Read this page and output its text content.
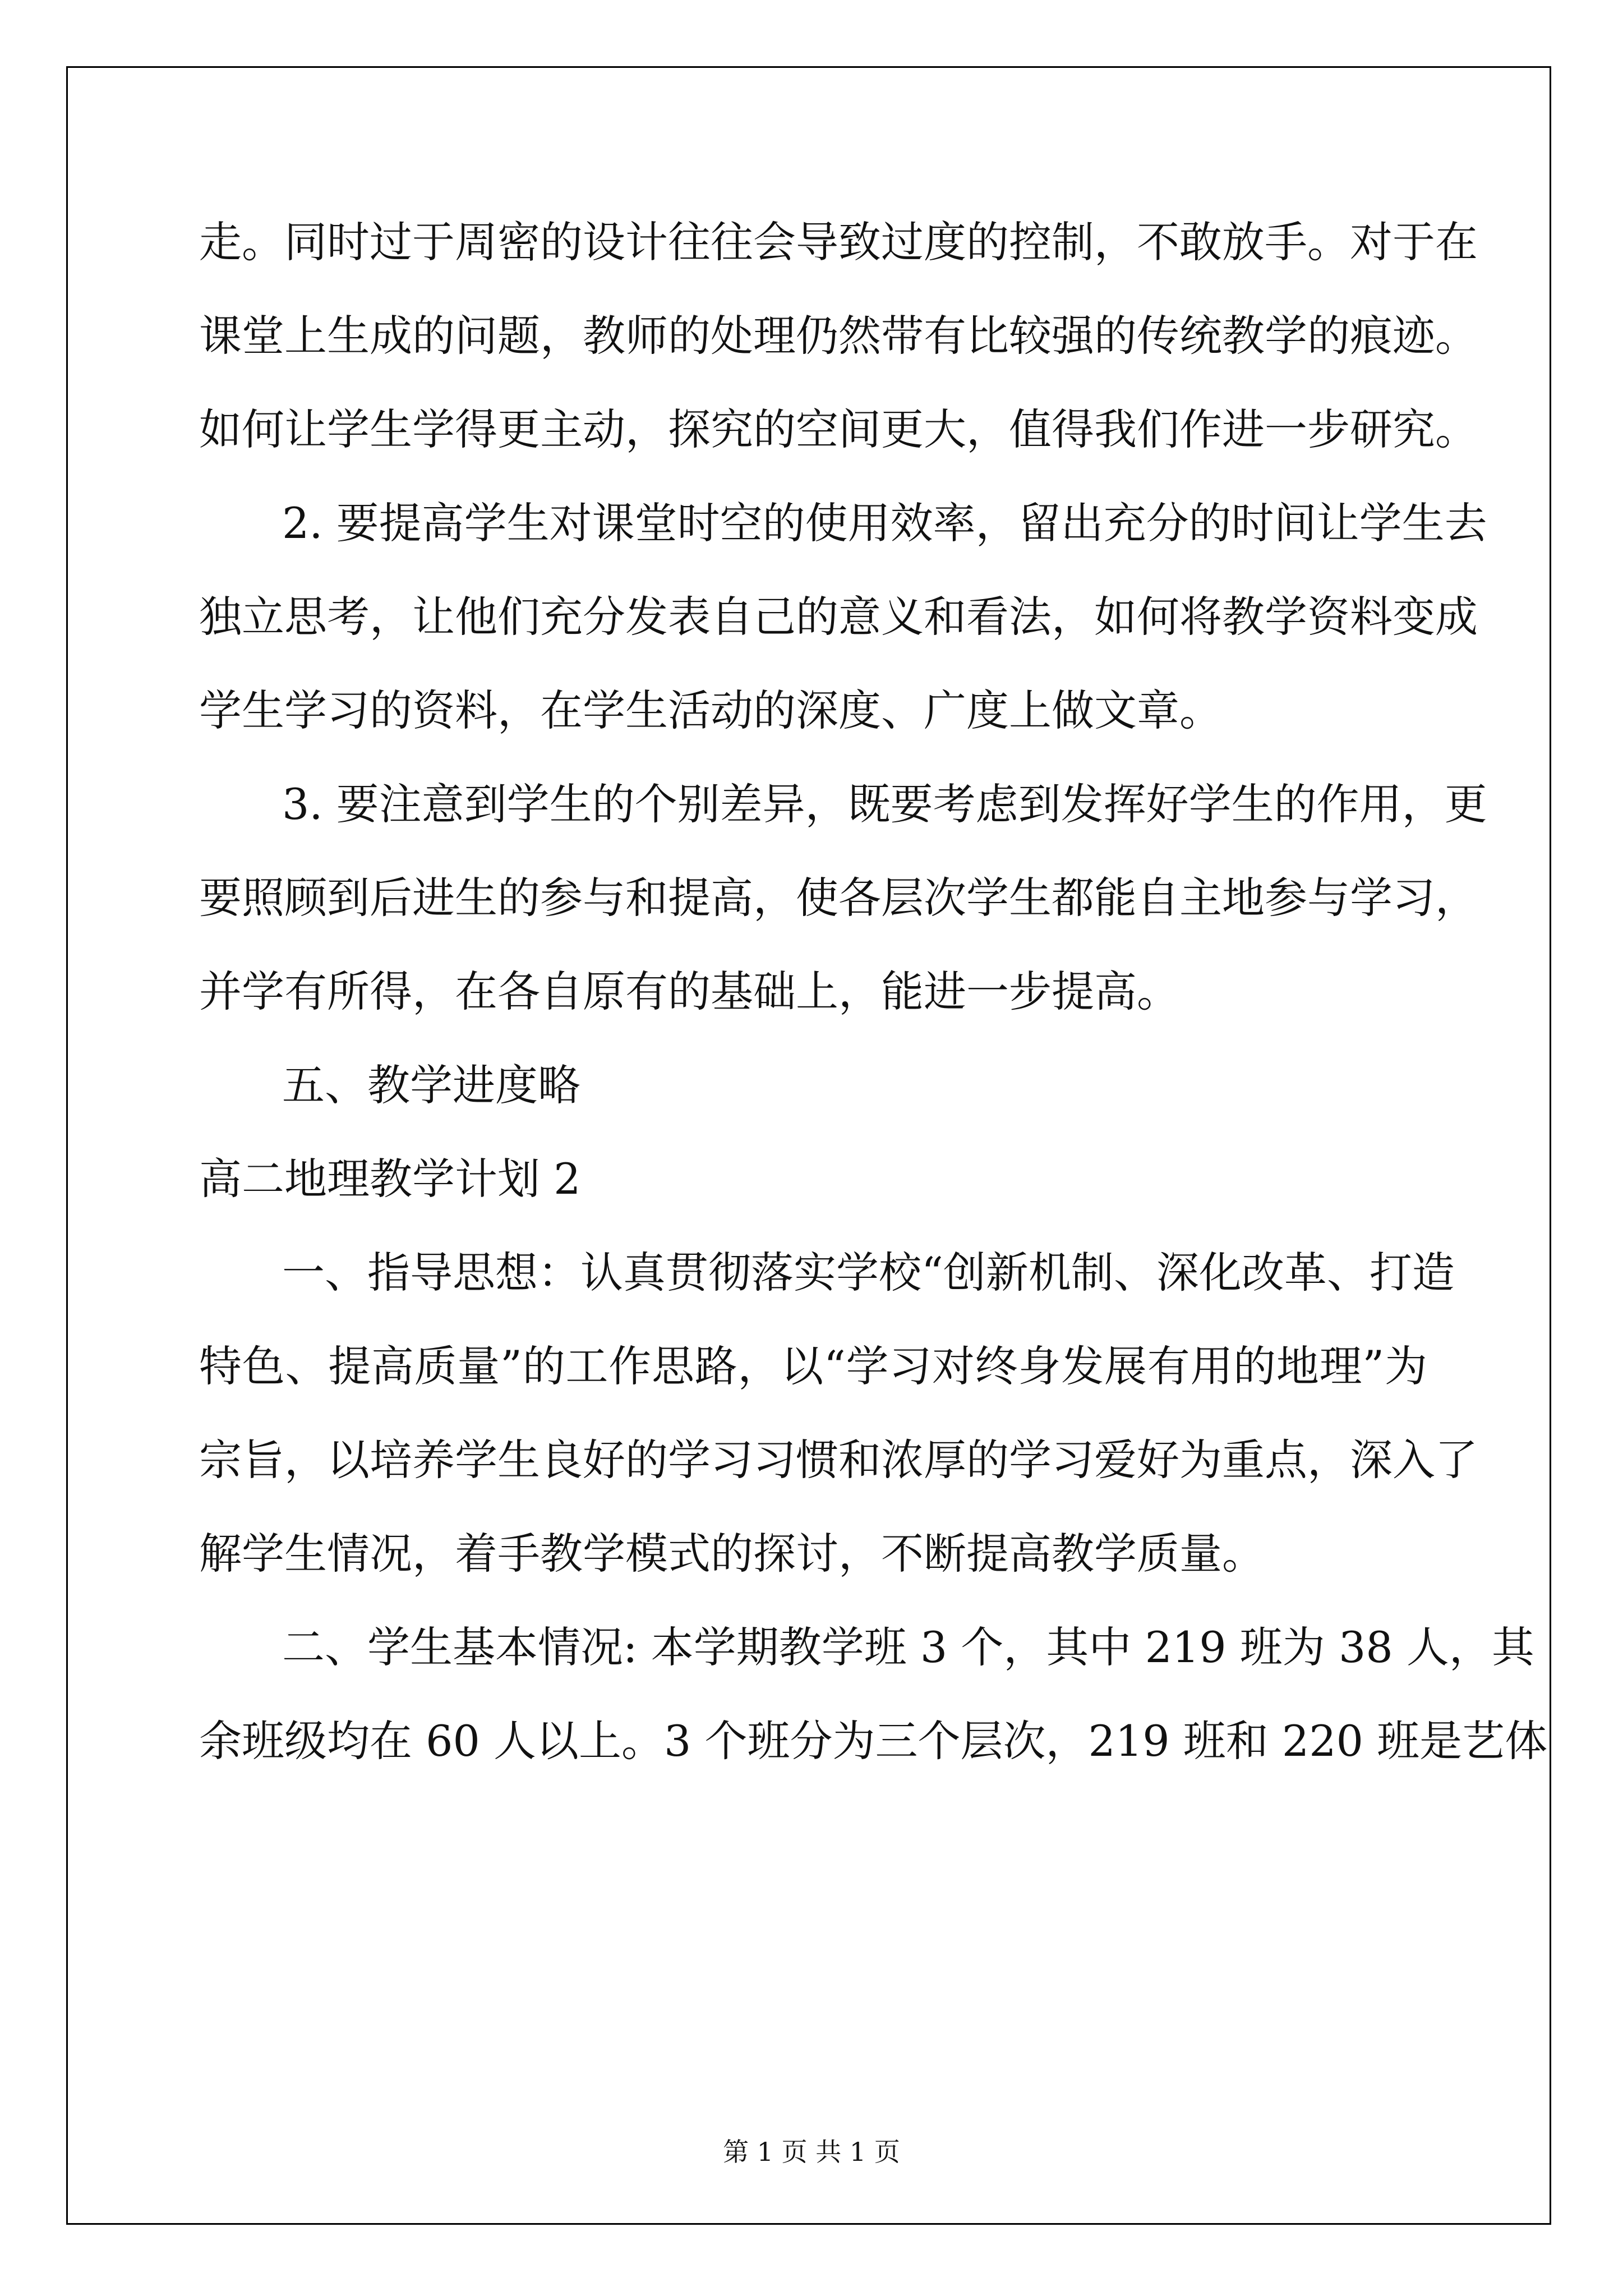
走。同时过于周密的设计往往会导致过度的控制，不敢放手。对于在
课堂上生成的问题，教师的处理仍然带有比较强的传统教学的痕迹。
如何让学生学得更主动，探究的空间更大，值得我们作进一步研究。
2. 要提高学生对课堂时空的使用效率，留出充分的时间让学生去
独立思考，让他们充分发表自己的意义和看法，如何将教学资料变成
学生学习的资料，在学生活动的深度、广度上做文章。
3. 要注意到学生的个别差异，既要考虑到发挥好学生的作用，更
要照顾到后进生的参与和提高，使各层次学生都能自主地参与学习，
并学有所得，在各自原有的基础上，能进一步提高。
五、教学进度略
高二地理教学计划 2
一、指导思想：认真贯彻落实学校“创新机制、深化改革、打造
特色、提高质量”的工作思路，以“学习对终身发展有用的地理”为
宗旨，以培养学生良好的学习习惯和浓厚的学习爱好为重点，深入了
解学生情况，着手教学模式的探讨，不断提高教学质量。
二、学生基本情况: 本学期教学班 3 个，其中 219 班为 38 人，其
余班级均在 60 人以上。3 个班分为三个层次，219 班和 220 班是艺体
第 1 页 共 1 页
